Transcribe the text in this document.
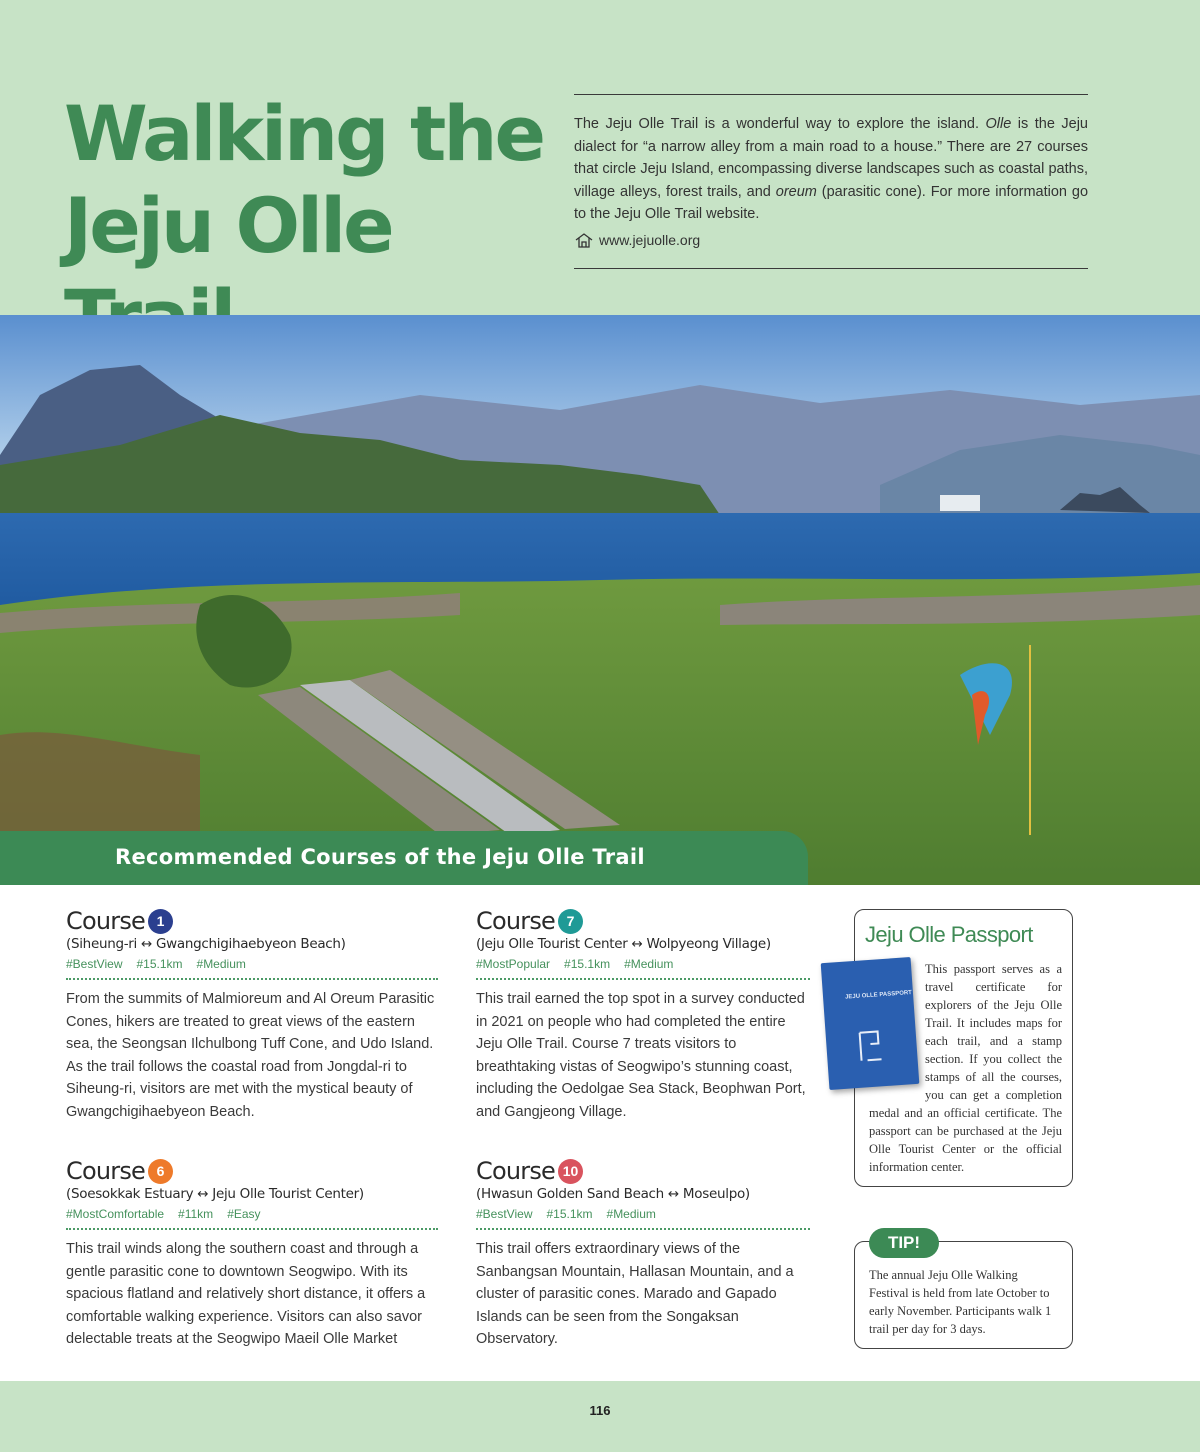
Walking the
Jeju Olle

The Jeju Olle Trail is a wonderful way to explore the island. Olle is the Jeju dialect for “a narrow alley from a main road to a house.” There are 27 courses that circle Jeju Island, encompassing diverse landscapes such as coastal paths, village alleys, forest trails, and oreum (parasitic cone). For more information go to the Jeju Olle Trail website.

www.jejuolle.org
Recommended Courses of the Jeju Olle Trail
Course 1
(Siheung-ri ↔ Gwangchigihaebyeon Beach)
#BestView #15.1km #Medium
From the summits of Malmioreum and Al Oreum Parasitic Cones, hikers are treated to great views of the eastern sea, the Seongsan Ilchulbong Tuff Cone, and Udo Island. As the trail follows the coastal road from Jongdal-ri to Siheung-ri, visitors are met with the mystical beauty of Gwangchigihaebyeon Beach.
Course 7
(Jeju Olle Tourist Center ↔ Wolpyeong Village)
#MostPopular #15.1km #Medium
This trail earned the top spot in a survey conducted in 2021 on people who had completed the entire Jeju Olle Trail. Course 7 treats visitors to breathtaking vistas of Seogwipo’s stunning coast, including the Oedolgae Sea Stack, Beophwan Port, and Gangjeong Village.
Course 6
(Soesokkak Estuary ↔ Jeju Olle Tourist Center)
#MostComfortable #11km #Easy
This trail winds along the southern coast and through a gentle parasitic cone to downtown Seogwipo. With its spacious flatland and relatively short distance, it offers a comfortable walking experience. Visitors can also savor delectable treats at the Seogwipo Maeil Olle Market
Course 10
(Hwasun Golden Sand Beach ↔ Moseulpo)
#BestView #15.1km #Medium
This trail offers extraordinary views of the Sanbangsan Mountain, Hallasan Mountain, and a cluster of parasitic cones. Marado and Gapado Islands can be seen from the Songaksan Observatory.
Jeju Olle Passport
JEJU OLLE PASSPORT
This passport serves as a travel certificate for explorers of the Jeju Olle Trail. It includes maps for each trail, and a stamp section. If you collect the stamps of all the courses, you can get a completion medal and an official certificate. The passport can be purchased at the Jeju Olle Tourist Center or the official information center.
TIP!
The annual Jeju Olle Walking Festival is held from late October to early November. Participants walk 1 trail per day for 3 days.
116
